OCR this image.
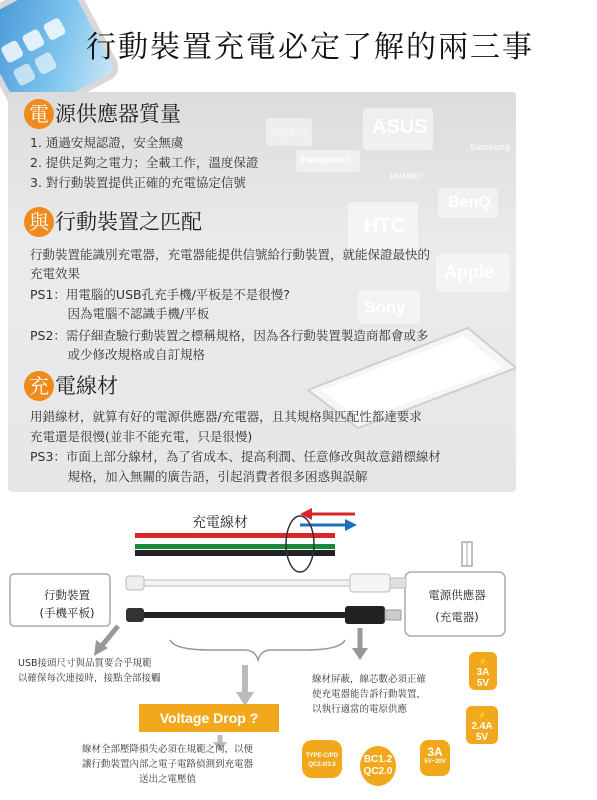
行動裝置充電必定了解的兩三事
Nokia	ASUS
Samsung
Panasonic
HUAWEI
BenQ
HTC
Apple
Sony
電 源供應器質量
1. 通過安規認證，安全無虞
2. 提供足夠之電力；全載工作，溫度保證
3. 對行動裝置提供正確的充電協定信號
與 行動裝置之匹配
行動裝置能識別充電器，充電器能提供信號給行動裝置，就能保證最快的
充電效果
PS1：用電腦的USB孔充手機/平板是不是很慢?
　　　因為電腦不認識手機/平板
PS2：需仔細查驗行動裝置之標稱規格，因為各行動裝置製造商都會或多
　　　或少修改規格或自訂規格
充 電線材
用錯線材，就算有好的電源供應器/充電器，且其規格與匹配性都達要求
充電還是很慢(並非不能充電，只是很慢)
PS3：市面上部分線材，為了省成本、提高利潤、任意修改與故意錯標線材
　　　規格，加入無關的廣告語，引起消費者很多困惑與誤解
充電線材
行動裝置
(手機平板)
電源供應器
(充電器)
USB接頭尺寸與品質要合乎規範
以確保每次連接時，接點全部接觸	線材屏蔽，線芯數必須正確
使充電器能告訴行動裝置，
以執行適當的電原供應
Voltage Drop ?
線材全部壓降損失必須在規範之內，以便
讓行動裝置內部之電子電路偵測到充電器
送出之電壓值
⚡
3A
5V
⚡
2.4A
5V
BC1.2
QC2.0
3A
5V~20V
TYPE-C/PD
QC2.0/3.0
